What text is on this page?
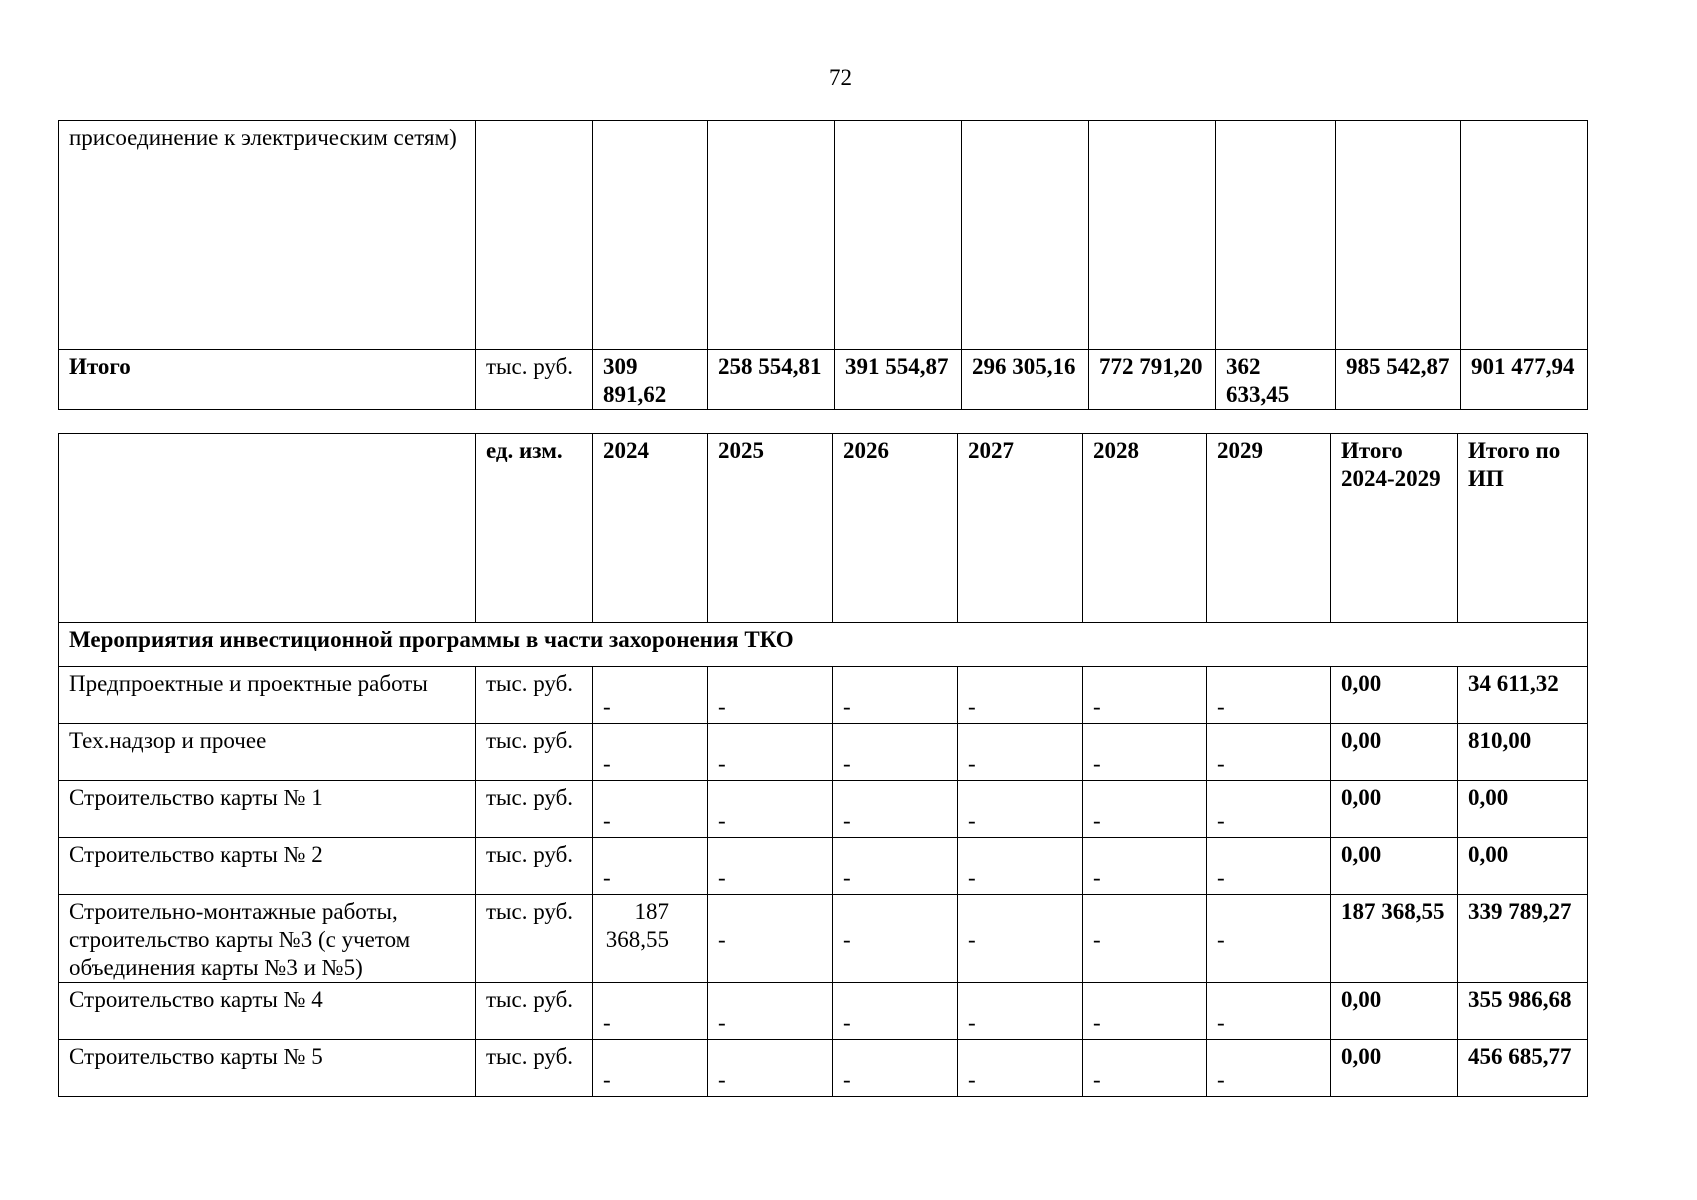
72
присоединение к электрическим сетям)									
Итого	тыс. руб.	309 891,62	258 554,81	391 554,87	296 305,16	772 791,20	362 633,45	985 542,87	901 477,94
	ед. изм.	2024	2025	2026	2027	2028	2029	Итого 2024-2029	Итого по ИП
Мероприятия инвестиционной программы в части захоронения ТКО									
Предпроектные и проектные работы	тыс. руб.	-	-	-	-	-	-	0,00	34 611,32
Тех.надзор и прочее	тыс. руб.	-	-	-	-	-	-	0,00	810,00
Строительство карты № 1	тыс. руб.	-	-	-	-	-	-	0,00	0,00
Строительство карты № 2	тыс. руб.	-	-	-	-	-	-	0,00	0,00
Строительно-монтажные работы, строительство карты №3 (с учетом объединения карты №3 и №5)	тыс. руб.	187 368,55	-	-	-	-	-	187 368,55	339 789,27
Строительство карты № 4	тыс. руб.	-	-	-	-	-	-	0,00	355 986,68
Строительство карты № 5	тыс. руб.	-	-	-	-	-	-	0,00	456 685,77
